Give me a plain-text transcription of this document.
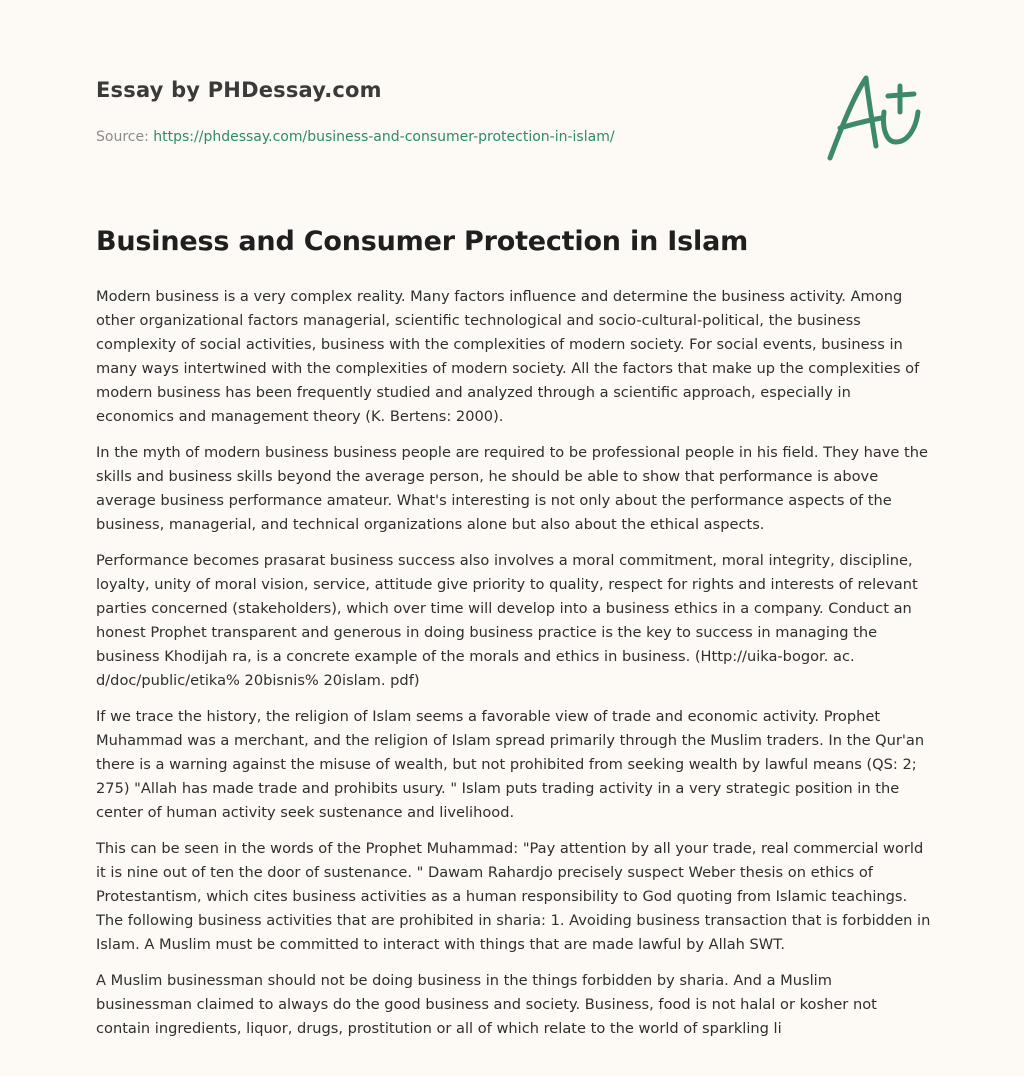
Essay by PHDessay.com
Source: https://phdessay.com/business-and-consumer-protection-in-islam/
Business and Consumer Protection in Islam

Modern business is a very complex reality. Many factors influence and determine the business activity. Among other organizational factors managerial, scientific technological and socio-cultural-political, the business complexity of social activities, business with the complexities of modern society. For social events, business in many ways intertwined with the complexities of modern society. All the factors that make up the complexities of modern business has been frequently studied and analyzed through a scientific approach, especially in economics and management theory (K. Bertens: 2000).

In the myth of modern business business people are required to be professional people in his field. They have the skills and business skills beyond the average person, he should be able to show that performance is above average business performance amateur. What's interesting is not only about the performance aspects of the business, managerial, and technical organizations alone but also about the ethical aspects.

Performance becomes prasarat business success also involves a moral commitment, moral integrity, discipline, loyalty, unity of moral vision, service, attitude give priority to quality, respect for rights and interests of relevant parties concerned (stakeholders), which over time will develop into a business ethics in a company. Conduct an honest Prophet transparent and generous in doing business practice is the key to success in managing the business Khodijah ra, is a concrete example of the morals and ethics in business. (Http://uika-bogor. ac. d/doc/public/etika% 20bisnis% 20islam. pdf)

If we trace the history, the religion of Islam seems a favorable view of trade and economic activity. Prophet Muhammad was a merchant, and the religion of Islam spread primarily through the Muslim traders. In the Qur'an there is a warning against the misuse of wealth, but not prohibited from seeking wealth by lawful means (QS: 2; 275) "Allah has made trade and prohibits usury. " Islam puts trading activity in a very strategic position in the center of human activity seek sustenance and livelihood.

This can be seen in the words of the Prophet Muhammad: "Pay attention by all your trade, real commercial world it is nine out of ten the door of sustenance. " Dawam Rahardjo precisely suspect Weber thesis on ethics of Protestantism, which cites business activities as a human responsibility to God quoting from Islamic teachings. The following business activities that are prohibited in sharia: 1. Avoiding business transaction that is forbidden in Islam. A Muslim must be committed to interact with things that are made lawful by Allah SWT.

A Muslim businessman should not be doing business in the things forbidden by sharia. And a Muslim businessman claimed to always do the good business and society. Business, food is not halal or kosher not contain ingredients, liquor, drugs, prostitution or all of which relate to the world of sparkling li
